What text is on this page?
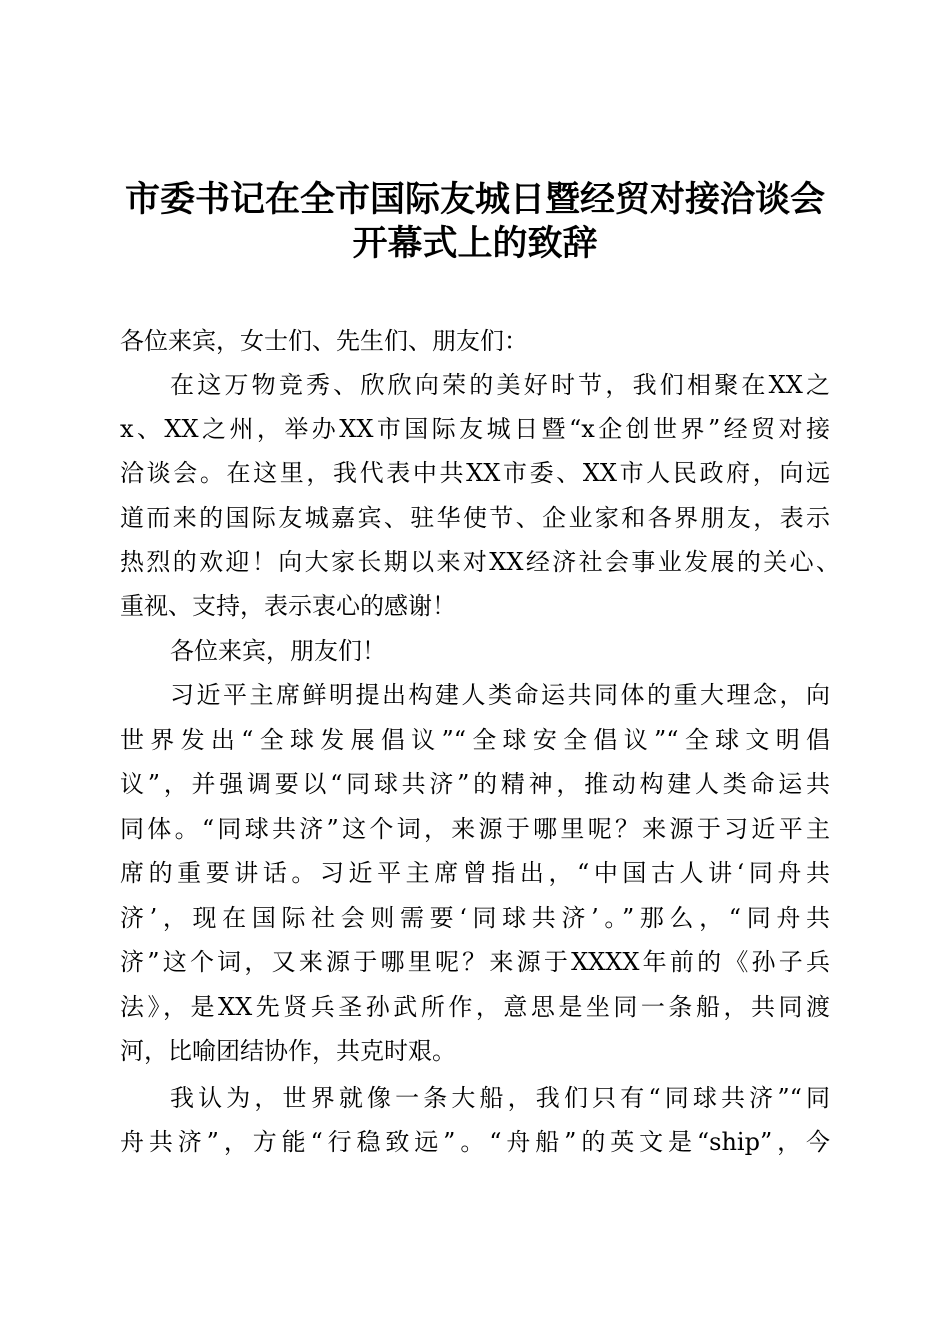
市委书记在全市国际友城日暨经贸对接洽谈会
开幕式上的致辞
各位来宾，女士们、先生们、朋友们：
在这万物竞秀、欣欣向荣的美好时节，我们相聚在XX之
x、XX之州，举办XX市国际友城日暨“x企创世界”经贸对接
洽谈会。在这里，我代表中共XX市委、XX市人民政府，向远
道而来的国际友城嘉宾、驻华使节、企业家和各界朋友，表示
热烈的欢迎！向大家长期以来对XX经济社会事业发展的关心、
重视、支持，表示衷心的感谢！
各位来宾，朋友们！
习近平主席鲜明提出构建人类命运共同体的重大理念，向
世界发出“全球发展倡议”“全球安全倡议”“全球文明倡
议”，并强调要以“同球共济”的精神，推动构建人类命运共
同体。“同球共济”这个词，来源于哪里呢？来源于习近平主
席的重要讲话。习近平主席曾指出，“中国古人讲‘同舟共
济’，现在国际社会则需要‘同球共济’。”那么，“同舟共
济”这个词，又来源于哪里呢？来源于XXXX年前的《孙子兵
法》，是XX先贤兵圣孙武所作，意思是坐同一条船，共同渡
河，比喻团结协作，共克时艰。
我认为，世界就像一条大船，我们只有“同球共济”“同
舟共济”，方能“行稳致远”。“舟船”的英文是“ship”，今
